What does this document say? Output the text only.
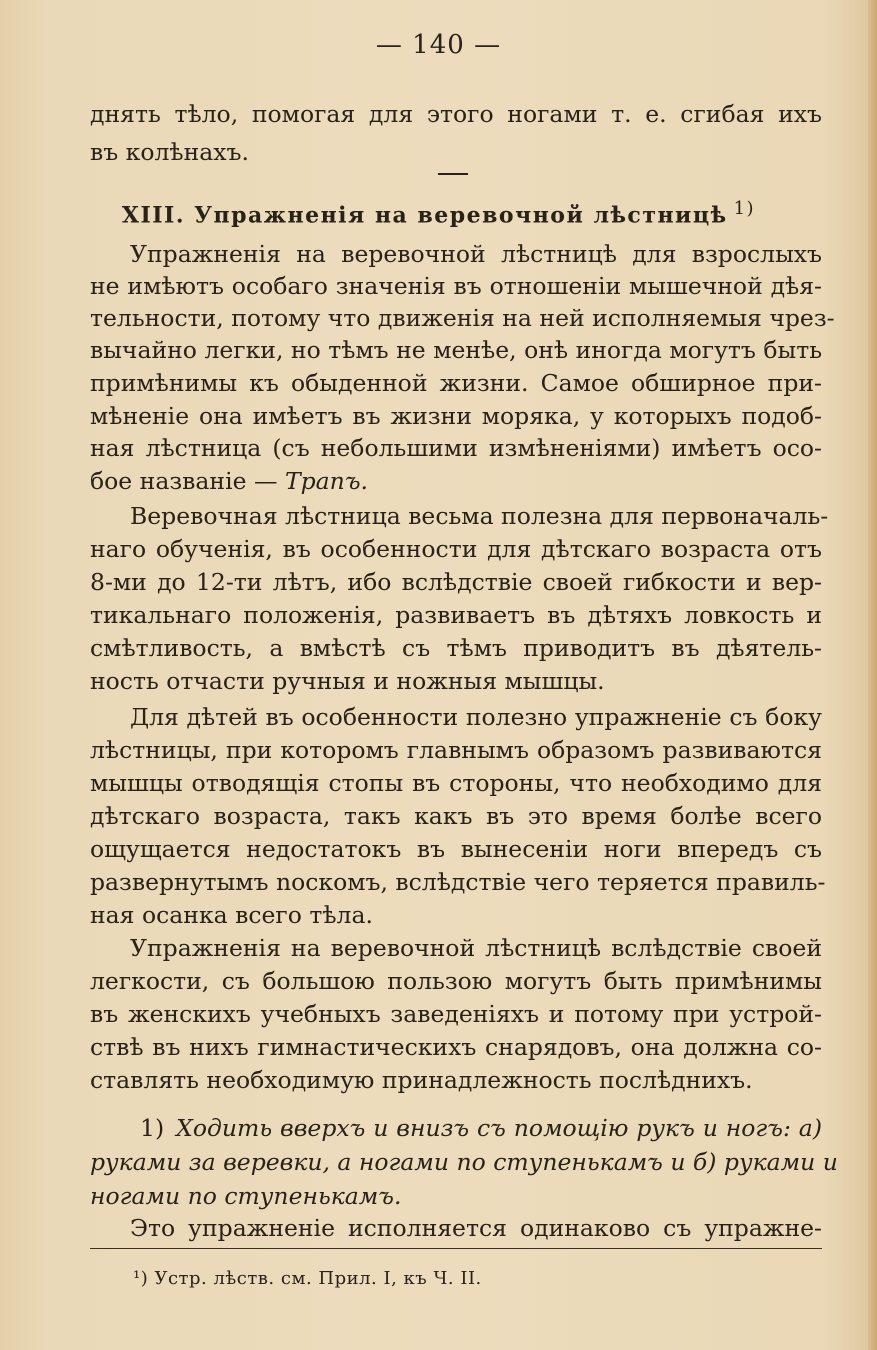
— 140 —
днять тѣло, помогая для этого ногами т. е. сгибая ихъ
въ колѣнахъ.
XIII. Упражненія на веревочной лѣстницѣ $^{1)}$
Упражненія на веревочной лѣстницѣ для взрослыхъ
не имѣютъ особаго значенія въ отношеніи мышечной дѣя-
тельности, потому что движенія на ней исполняемыя чрез-
вычайно легки, но тѣмъ не менѣе, онѣ иногда могутъ быть
примѣнимы къ обыденной жизни. Самое обширное при-
мѣненіе она имѣетъ въ жизни моряка, у которыхъ подоб-
ная лѣстница (съ небольшими измѣненіями) имѣетъ осо-
бое названіе — Трапъ.
Веревочная лѣстница весьма полезна для первоначаль-
наго обученія, въ особенности для дѣтскаго возраста отъ
8-ми до 12-ти лѣтъ, ибо вслѣдствіе своей гибкости и вер-
тикальнаго положенія, развиваетъ въ дѣтяхъ ловкость и
смѣтливость, а вмѣстѣ съ тѣмъ приводитъ въ дѣятель-
ность отчасти ручныя и ножныя мышцы.
Для дѣтей въ особенности полезно упражненіе съ боку
лѣстницы, при которомъ главнымъ образомъ развиваются
мышцы отводящія стопы въ стороны, что необходимо для
дѣтскаго возраста, такъ какъ въ это время болѣе всего
ощущается недостатокъ въ вынесеніи ноги впередъ съ
развернутымъ noскомъ, вслѣдствіе чего теряется правиль-
ная осанка всего тѣла.
Упражненія на веревочной лѣстницѣ вслѣдствіе своей
легкости, съ большою пользою могутъ быть примѣнимы
въ женскихъ учебныхъ заведеніяхъ и потому при устрой-
ствѣ въ нихъ гимнастическихъ снарядовъ, она должна со-
ставлять необходимую принадлежность послѣднихъ.
1) Ходить вверхъ и внизъ съ помощію рукъ и ногъ: а)
руками за веревки, а ногами по ступенькамъ и б) руками и
ногами по ступенькамъ.
Это упражненіе исполняется одинаково съ упражне-
¹) Устр. лѣств. см. Прил. I, къ Ч. II.
